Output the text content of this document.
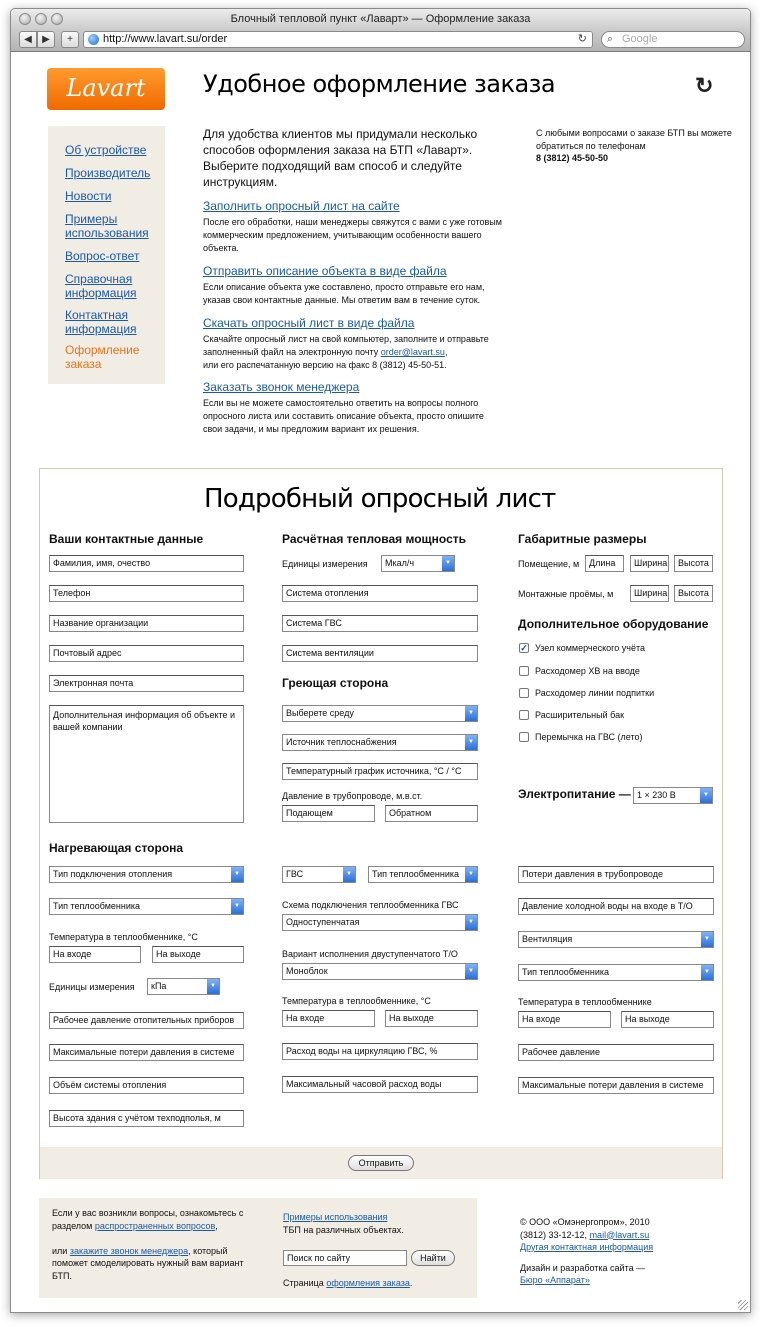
Блочный тепловой пункт «Лаварт» — Оформление заказа
◀	▶	+	http://www.lavart.su/order	↻ ⌕ Google
Lavart	Удобное оформление заказа	↻
Об устройстве
Производитель
Новости
Примеры использования
Вопрос-ответ
Справочная информация
Контактная информация
Оформление заказа
Для удобства клиентов мы придумали несколько способов оформления заказа на БТП «Лаварт». Выберите подходящий вам способ и следуйте инструкциям.
С любыми вопросами о заказе БТП вы можете обратиться по телефонам
8 (3812) 45-50-50
Заполнить опросный лист на сайте
После его обработки, наши менеджеры свяжутся с вами с уже готовым коммерческим предложением, учитывающим особенности вашего объекта.
Отправить описание объекта в виде файла
Если описание объекта уже составлено, просто отправьте его нам, указав свои контактные данные. Мы ответим вам в течение суток.
Скачать опросный лист в виде файла
Скачайте опросный лист на свой компьютер, заполните и отправьте заполненный файл на электронную почту order@lavart.su,
или его распечатанную версию на факс 8 (3812) 45-50-51.
Заказать звонок менеджера
Если вы не можете самостоятельно ответить на вопросы полного опросного листа или составить описание объекта, просто опишите свои задачи, и мы предложим вариант их решения.
Подробный опросный лист
Ваши контактные данные
Фамилия, имя, очество
Телефон
Название организации
Почтовый адрес
Электронная почта
Дополнительная информация об объекте и вашей компании
Расчётная тепловая мощность
Единицы измерения	Мкал/ч	▼
Система отопления
Система ГВС
Система вентиляции
Греющая сторона
Выберете среду	▼
Источник теплоснабжения	▼
Температурный график источника, °C / °C
Давление в трубопроводе, м.в.ст.
Подающем	Обратном
Габаритные размеры
Помещение, м	Длина	Ширина	Высота
Монтажные проёмы, м	Ширина	Высота
Дополнительное оборудование
✓ Узел коммерческого учёта
Расходомер ХВ на вводе
Расходомер линии подпитки
Расширительный бак
Перемычка на ГВС (лето)
Электропитание — 1 × 230 В	▼
Нагревающая сторона
Тип подключения отопления	▼
Тип теплообменника	▼
Температура в теплообменнике, °C
На входе	На выходе
Единицы измерения	кПа	▼
Рабочее давление отопительных приборов
Максимальные потери давления в системе
Объём системы отопления
Высота здания с учётом техподполья, м
ГВС	▼	Тип теплообменника	▼
Схема подключения теплообменника ГВС
Одноступенчатая	▼
Вариант исполнения двуступенчатого Т/О
Моноблок	▼
Температура в теплообменнике, °C
На входе	На выходе
Расход воды на циркуляцию ГВС, %
Максимальный часовой расход воды
Потери давления в трубопроводе
Давление холодной воды на входе в Т/О
Вентиляция	▼
Тип теплообменника	▼
Температура в теплообменнике
На входе	На выходе
Рабочее давление
Максимальные потери давления в системе
Отправить
Если у вас возникли вопросы, ознакомьтесь с разделом распространенных вопросов,

или закажите звонок менеджера, который поможет смоделировать нужный вам вариант БТП.
Примеры использования
ТБП на различных объектах.
Поиск по сайту	Найти
Страница оформления заказа.
© ООО «Омэнергопром», 2010
(3812) 33-12-12, mail@lavart.su
Другая контактная информация
Дизайн и разработка сайта —
Бюро «Аппарат»
